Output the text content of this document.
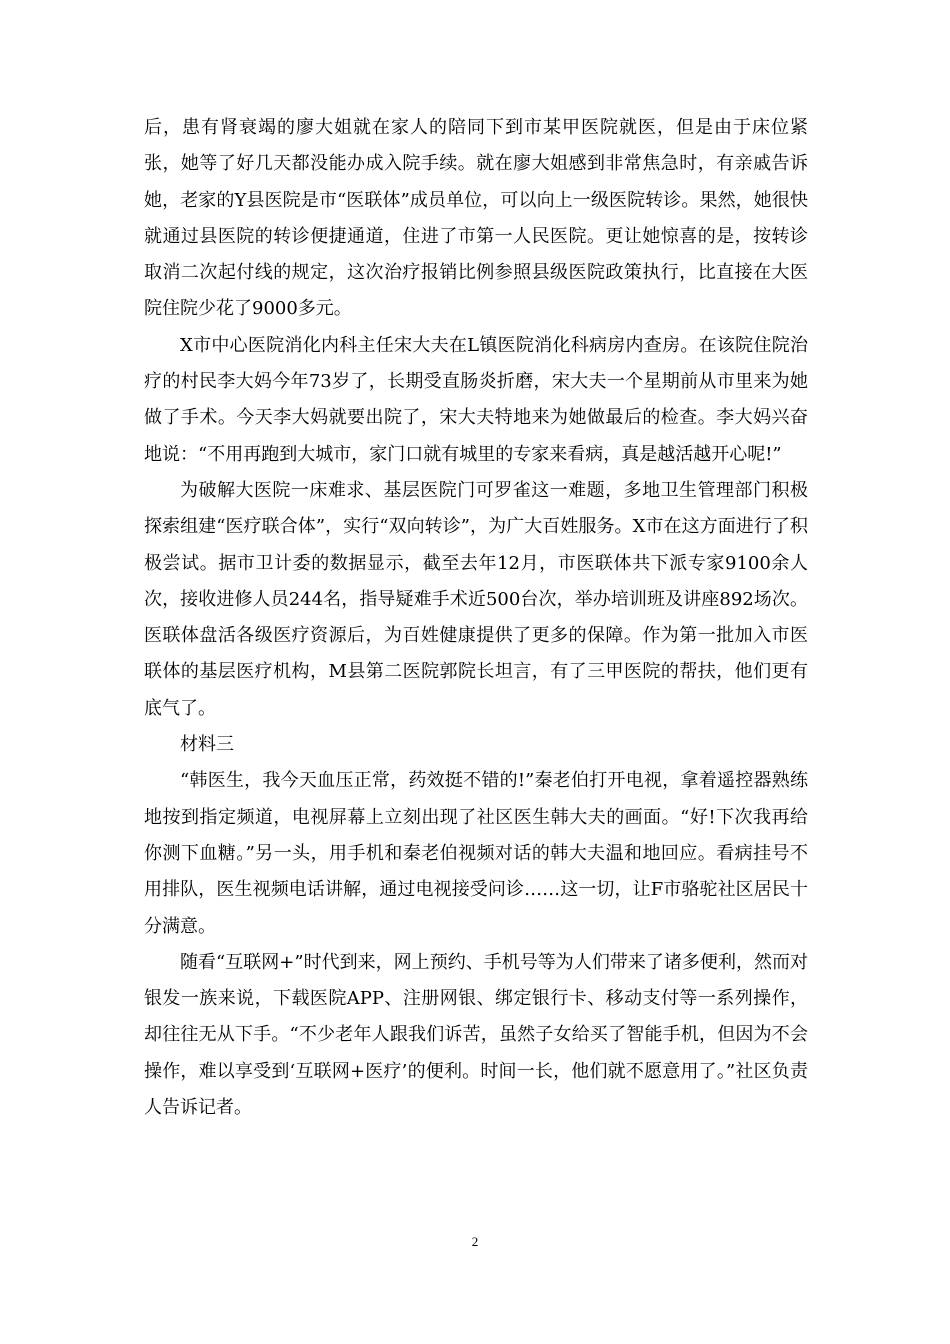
后，患有肾衰竭的廖大姐就在家人的陪同下到市某甲医院就医，但是由于床位紧张，她等了好几天都没能办成入院手续。就在廖大姐感到非常焦急时，有亲戚告诉她，老家的Y县医院是市“医联体”成员单位，可以向上一级医院转诊。果然，她很快就通过县医院的转诊便捷通道，住进了市第一人民医院。更让她惊喜的是，按转诊取消二次起付线的规定，这次治疗报销比例参照县级医院政策执行，比直接在大医院住院少花了9000多元。

X市中心医院消化内科主任宋大夫在L镇医院消化科病房内查房。在该院住院治疗的村民李大妈今年73岁了，长期受直肠炎折磨，宋大夫一个星期前从市里来为她做了手术。今天李大妈就要出院了，宋大夫特地来为她做最后的检查。李大妈兴奋地说：“不用再跑到大城市，家门口就有城里的专家来看病，真是越活越开心呢!”

为破解大医院一床难求、基层医院门可罗雀这一难题，多地卫生管理部门积极探索组建“医疗联合体”，实行“双向转诊”，为广大百姓服务。X市在这方面进行了积极尝试。据市卫计委的数据显示，截至去年12月，市医联体共下派专家9100余人次，接收进修人员244名，指导疑难手术近500台次，举办培训班及讲座892场次。医联体盘活各级医疗资源后，为百姓健康提供了更多的保障。作为第一批加入市医联体的基层医疗机构，M县第二医院郭院长坦言，有了三甲医院的帮扶，他们更有底气了。

材料三

“韩医生，我今天血压正常，药效挺不错的!”秦老伯打开电视，拿着遥控器熟练地按到指定频道，电视屏幕上立刻出现了社区医生韩大夫的画面。“好!下次我再给你测下血糖。”另一头，用手机和秦老伯视频对话的韩大夫温和地回应。看病挂号不用排队，医生视频电话讲解，通过电视接受问诊……这一切，让F市骆驼社区居民十分满意。

随看“互联网+”时代到来，网上预约、手机号等为人们带来了诸多便利，然而对银发一族来说，下载医院APP、注册网银、绑定银行卡、移动支付等一系列操作，却往往无从下手。“不少老年人跟我们诉苦，虽然子女给买了智能手机，但因为不会操作，难以享受到‘互联网+医疗’的便利。时间一长，他们就不愿意用了。”社区负责人告诉记者。

2
